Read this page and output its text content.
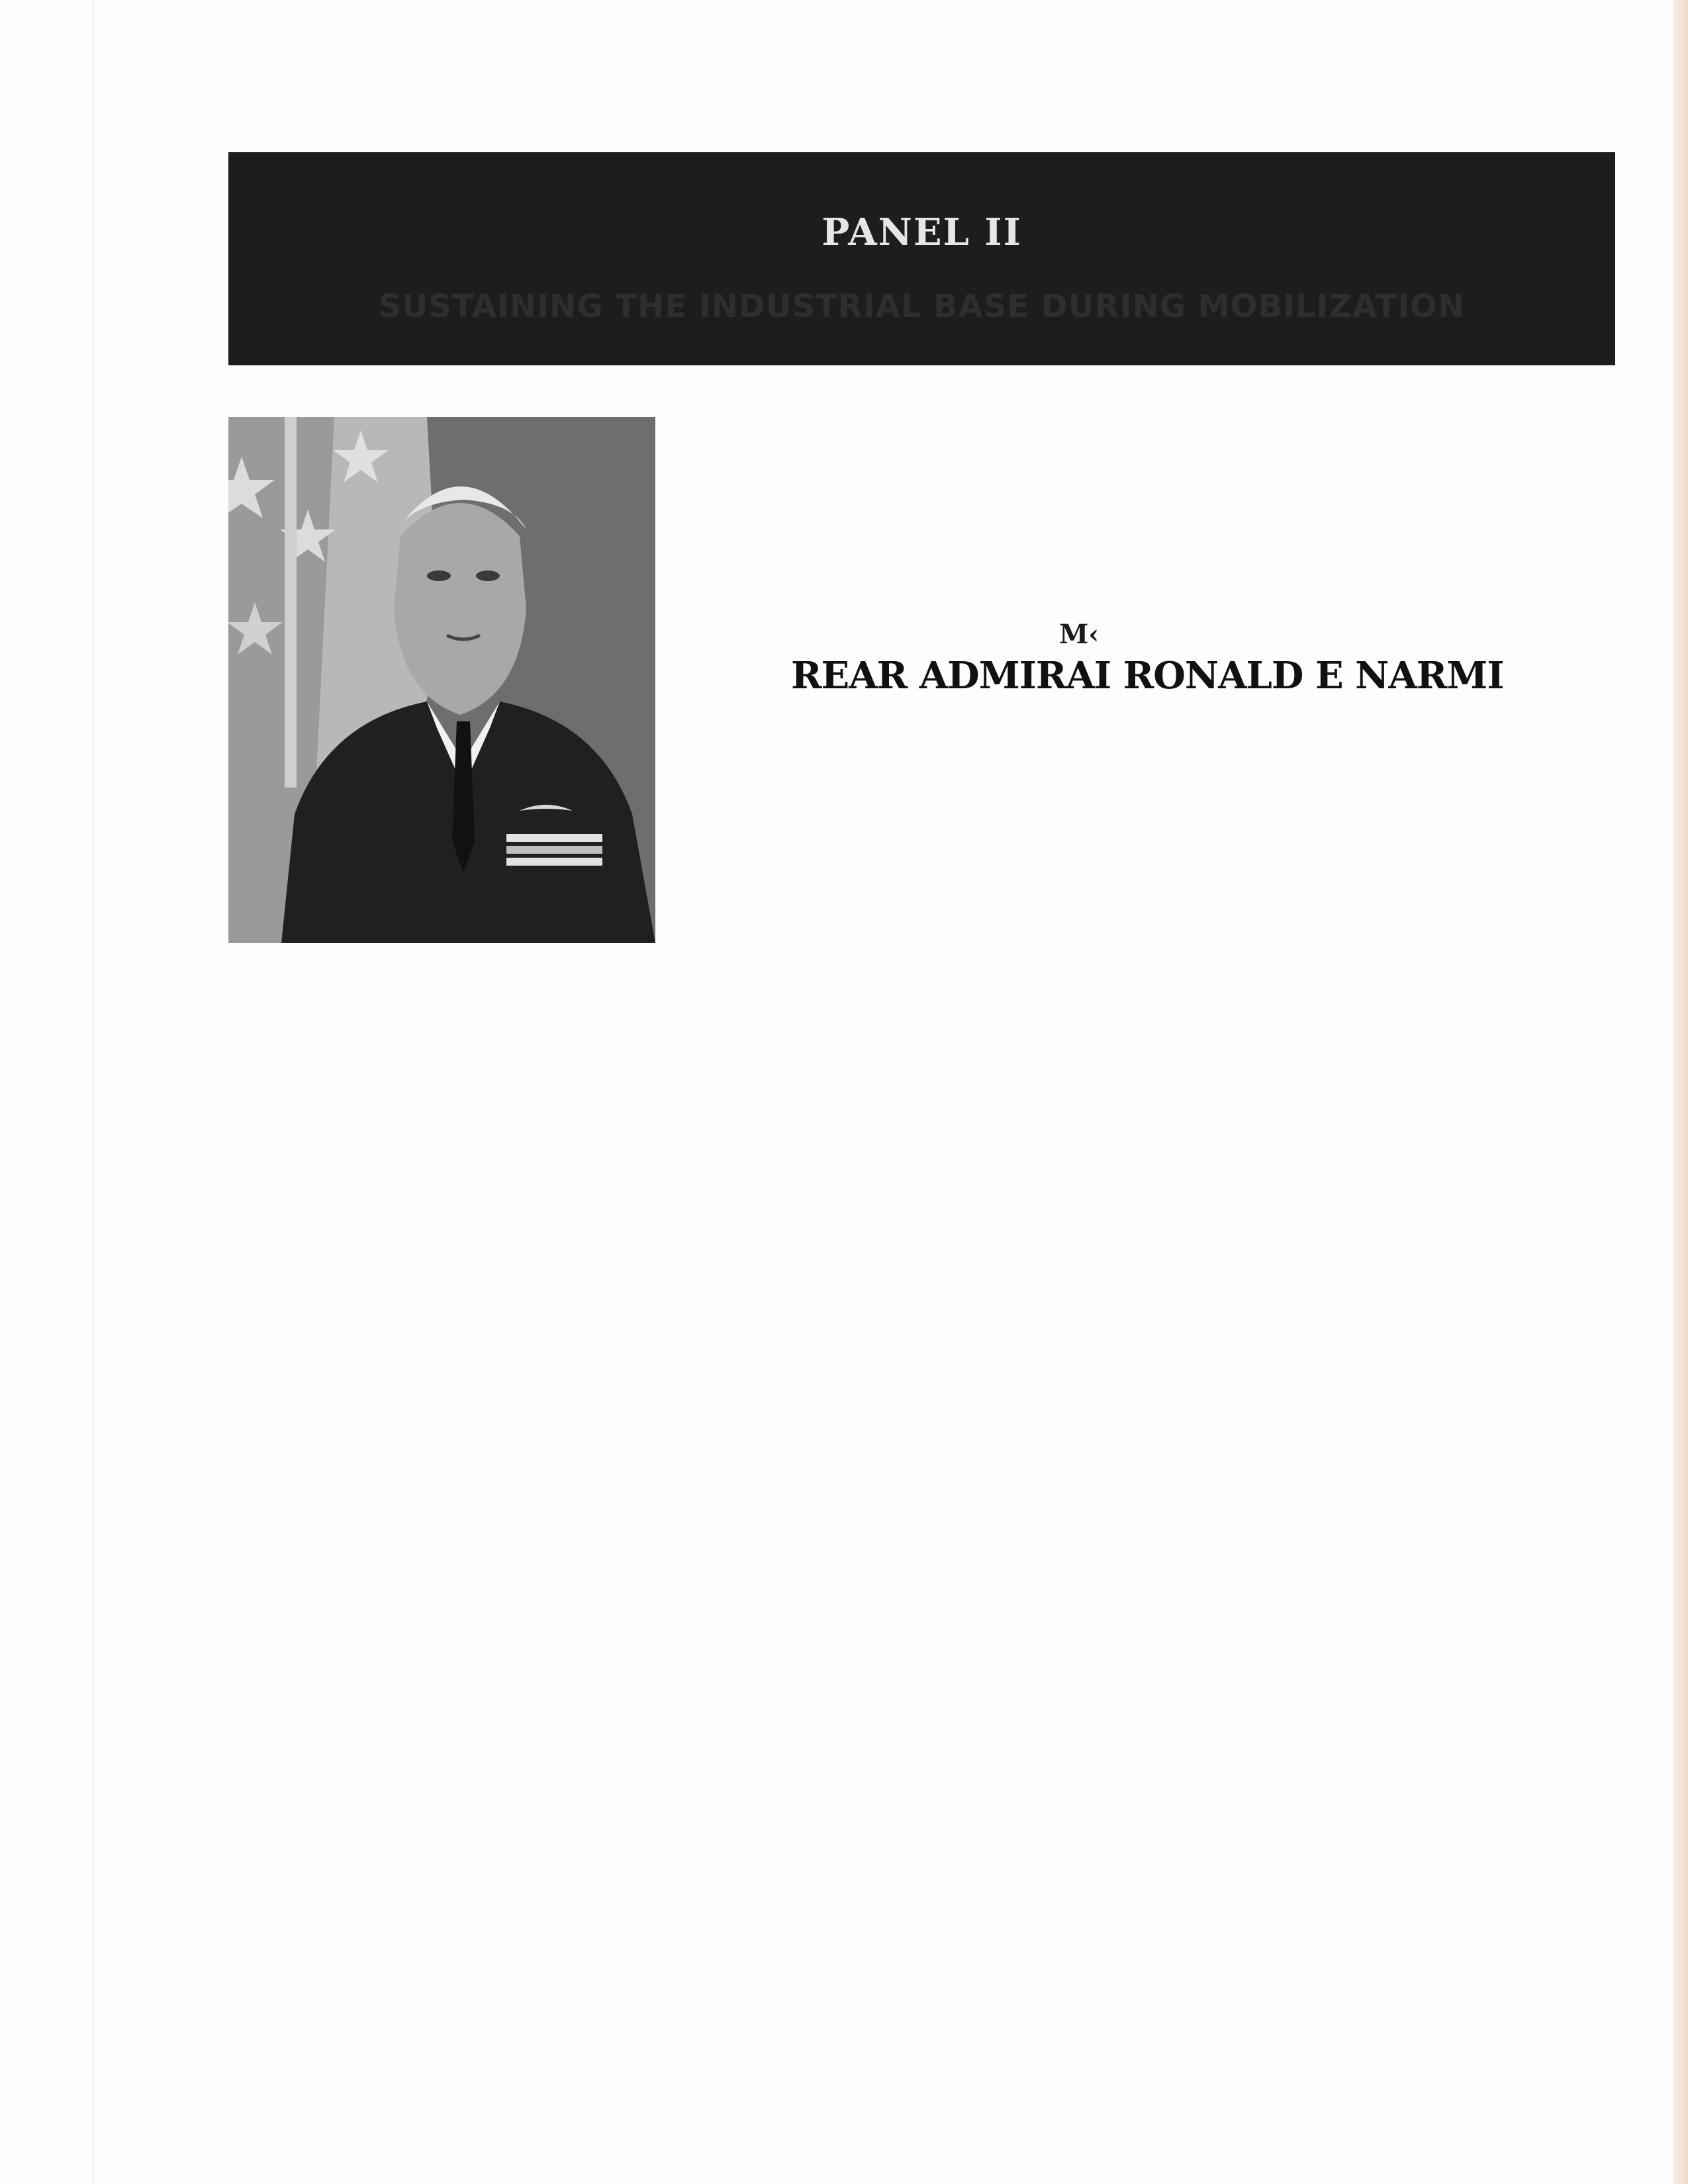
PANEL II
SUSTAINING THE INDUSTRIAL BASE DURING MOBILIZATION
M‹
REAR ADMIRAI RONALD E NARMI
